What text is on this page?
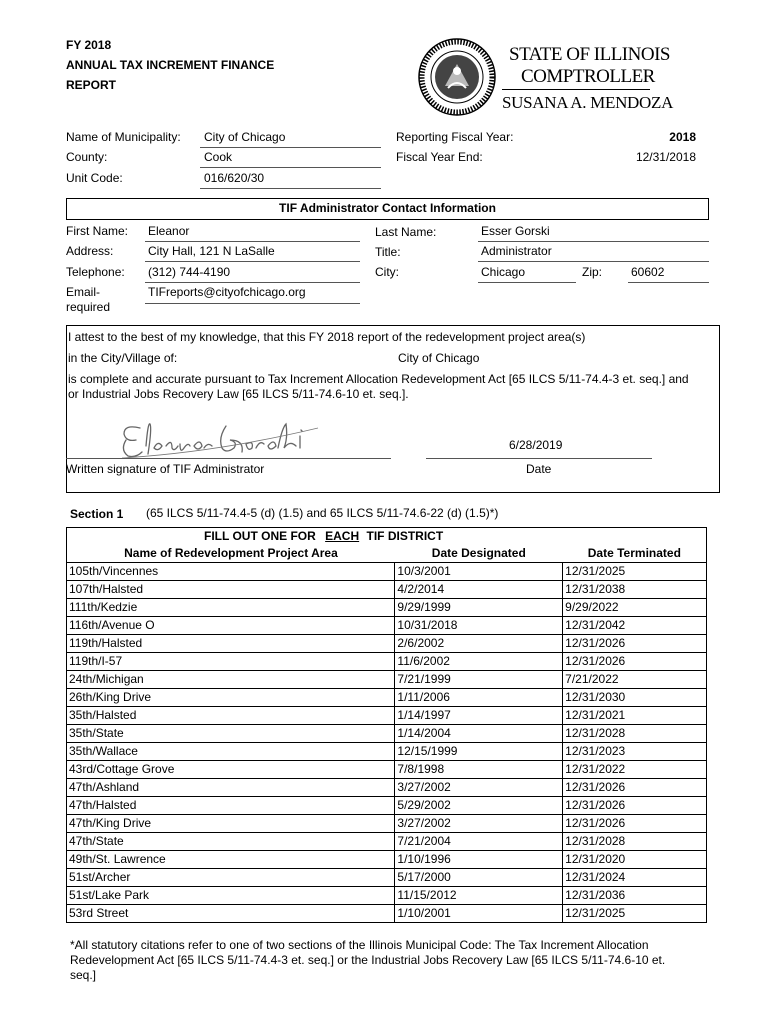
FY 2018
ANNUAL TAX INCREMENT FINANCE
REPORT
STATE OF ILLINOIS
COMPTROLLER
SUSANA A. MENDOZA
Name of Municipality: City of Chicago
County:	Cook
Unit Code:	016/620/30
Reporting Fiscal Year:	2018
Fiscal Year End:	12/31/2018
TIF Administrator Contact Information
First Name: Eleanor
Address:	City Hall, 121 N LaSalle
Telephone: (312) 744-4190
Email-
required
TIFreports@cityofchicago.org
Last Name:	Esser Gorski
Title:	Administrator
City:	Chicago	Zip: 60602
I attest to the best of my knowledge, that this FY 2018 report of the redevelopment project area(s)
in the City/Village of:	City of Chicago
is complete and accurate pursuant to Tax Increment Allocation Redevelopment Act [65 ILCS 5/11-74.4-3 et. seq.] and
or Industrial Jobs Recovery Law [65 ILCS 5/11-74.6-10 et. seq.].
6/28/2019
Written signature of TIF Administrator	Date
Section 1 (65 ILCS 5/11-74.4-5 (d) (1.5) and 65 ILCS 5/11-74.6-22 (d) (1.5)*)
FILL OUT ONE FOR EACH TIF DISTRICT

Name of Redevelopment Project Area	Date Designated	Date Terminated
105th/Vincennes	10/3/2001	12/31/2025
107th/Halsted	4/2/2014	12/31/2038
111th/Kedzie	9/29/1999	9/29/2022
116th/Avenue O	10/31/2018	12/31/2042
119th/Halsted	2/6/2002	12/31/2026
119th/I-57	11/6/2002	12/31/2026
24th/Michigan	7/21/1999	7/21/2022
26th/King Drive	1/11/2006	12/31/2030
35th/Halsted	1/14/1997	12/31/2021
35th/State	1/14/2004	12/31/2028
35th/Wallace	12/15/1999	12/31/2023
43rd/Cottage Grove	7/8/1998	12/31/2022
47th/Ashland	3/27/2002	12/31/2026
47th/Halsted	5/29/2002	12/31/2026
47th/King Drive	3/27/2002	12/31/2026
47th/State	7/21/2004	12/31/2028
49th/St. Lawrence	1/10/1996	12/31/2020
51st/Archer	5/17/2000	12/31/2024
51st/Lake Park	11/15/2012	12/31/2036
53rd Street	1/10/2001	12/31/2025
*All statutory citations refer to one of two sections of the Illinois Municipal Code: The Tax Increment Allocation
Redevelopment Act [65 ILCS 5/11-74.4-3 et. seq.] or the Industrial Jobs Recovery Law [65 ILCS 5/11-74.6-10 et.
seq.]
